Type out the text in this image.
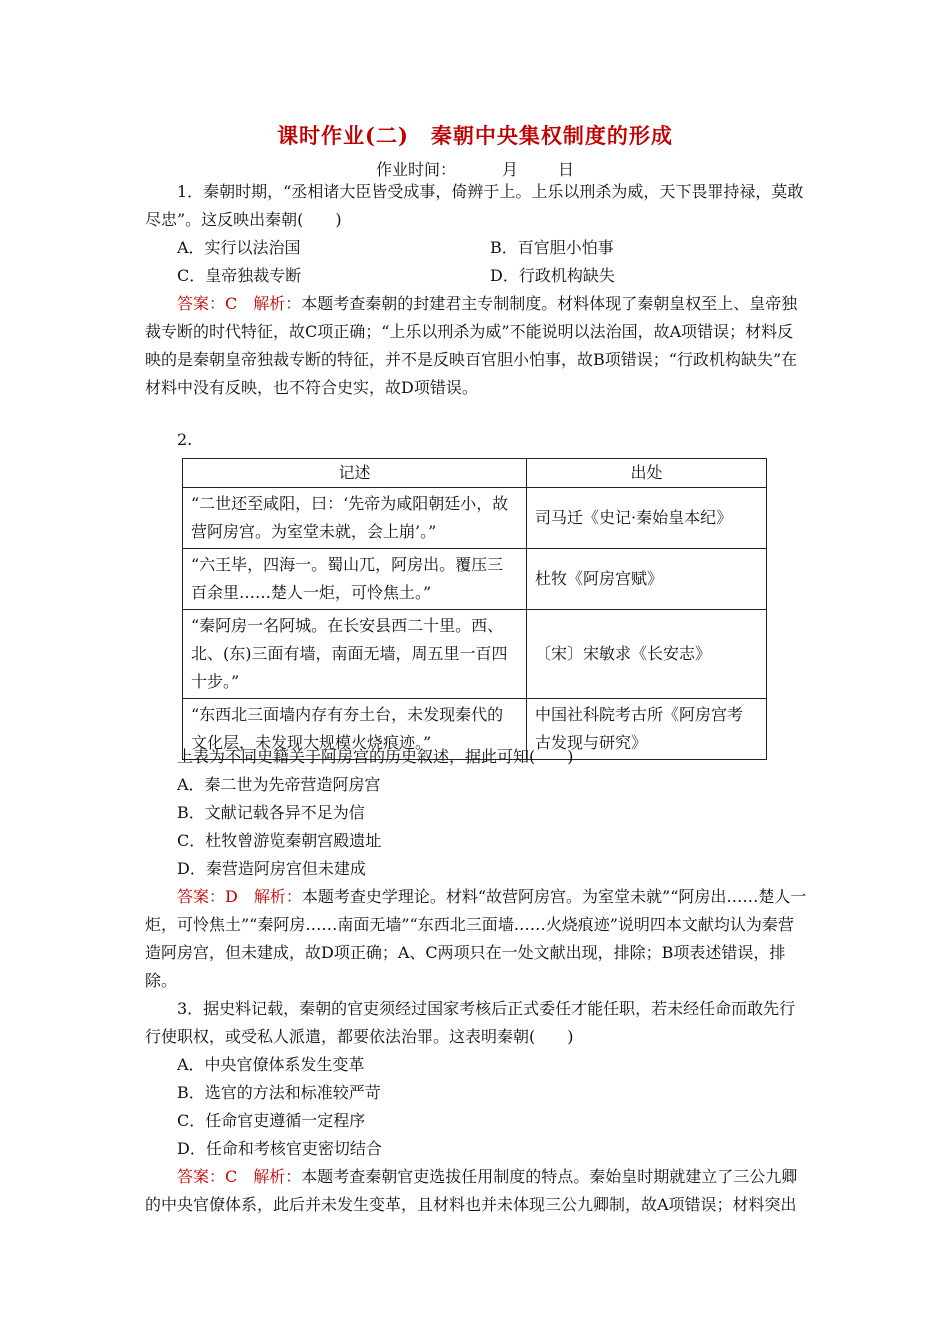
课时作业(二)　秦朝中央集权制度的形成
作业时间：	月	日
1．秦朝时期，“丞相诸大臣皆受成事，倚辨于上。上乐以刑杀为威，天下畏罪持禄，莫敢尽忠”。这反映出秦朝(　　)
A．实行以法治国	B．百官胆小怕事
C．皇帝独裁专断	D．行政机构缺失
答案：C　 解析：本题考查秦朝的封建君主专制制度。材料体现了秦朝皇权至上、皇帝独裁专断的时代特征，故C项正确；“上乐以刑杀为威”不能说明以法治国，故A项错误；材料反映的是秦朝皇帝独裁专断的特征，并不是反映百官胆小怕事，故B项错误；“行政机构缺失”在材料中没有反映，也不符合史实，故D项错误。
2.
记述	出处
“二世还至咸阳，曰：‘先帝为咸阳朝廷小，故营阿房宫。为室堂未就，会上崩’。”	司马迁《史记·秦始皇本纪》
“六王毕，四海一。蜀山兀，阿房出。覆压三百余里……楚人一炬，可怜焦土。”	杜牧《阿房宫赋》
“秦阿房一名阿城。在长安县西二十里。西、北、(东)三面有墙，南面无墙，周五里一百四十步。”	〔宋〕宋敏求《长安志》
“东西北三面墙内存有夯土台，未发现秦代的文化层，未发现大规模火烧痕迹。”	中国社科院考古所《阿房宫考古发现与研究》
上表为不同史籍关于阿房宫的历史叙述，据此可知(　　)
A．秦二世为先帝营造阿房宫
B．文献记载各异不足为信
C．杜牧曾游览秦朝宫殿遗址
D．秦营造阿房宫但未建成
答案：D　 解析：本题考查史学理论。材料“故营阿房宫。为室堂未就”“阿房出……楚人一炬，可怜焦土”“秦阿房……南面无墙”“东西北三面墙……火烧痕迹”说明四本文献均认为秦营造阿房宫，但未建成，故D项正确；A、C两项只在一处文献出现，排除；B项表述错误，排除。
3．据史料记载，秦朝的官吏须经过国家考核后正式委任才能任职，若未经任命而敢先行行使职权，或受私人派遣，都要依法治罪。这表明秦朝(　　)
A．中央官僚体系发生变革
B．选官的方法和标准较严苛
C．任命官吏遵循一定程序
D．任命和考核官吏密切结合
答案：C　 解析：本题考查秦朝官吏选拔任用制度的特点。秦始皇时期就建立了三公九卿的中央官僚体系，此后并未发生变革，且材料也并未体现三公九卿制，故A项错误；材料突出
